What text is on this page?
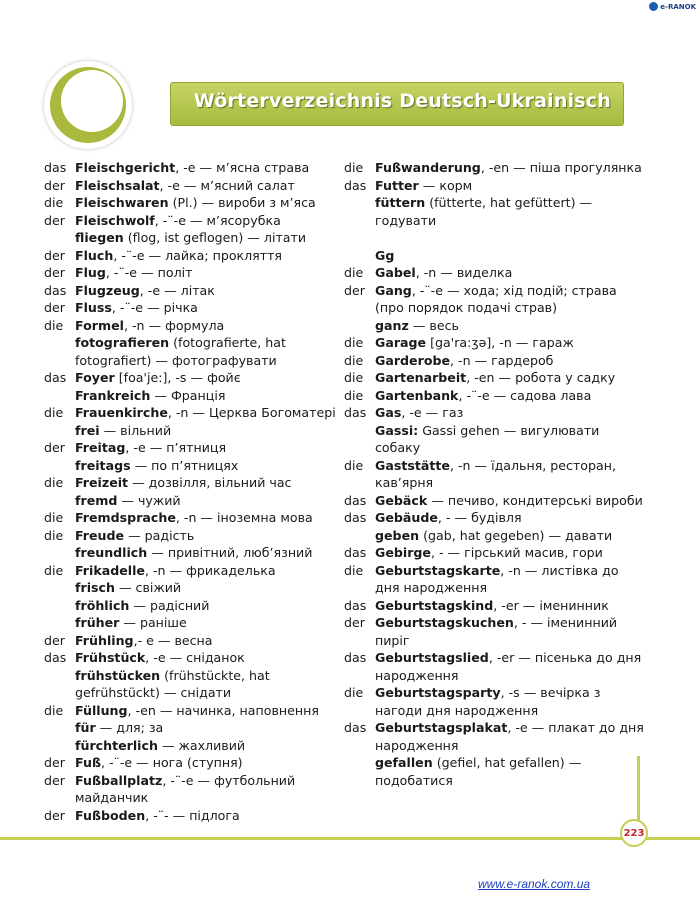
e-RANOK
Wörterverzeichnis Deutsch-Ukrainisch
das Fleischgericht, -e — м’ясна страва
der Fleischsalat, -e — м’ясний салат
die Fleischwaren (Pl.) — вироби з м’яса
der Fleischwolf, -¨-e — м’ясорубка
fliegen (flog, ist geflogen) — літати
der Fluch, -¨-e — лайка; прокляття
der Flug, -¨-e — політ
das Flugzeug, -e — літак
der Fluss, -¨-e — річка
die Formel, -n — формула
fotografieren (fotografierte, hat fotografiert) — фотографувати
das Foyer [foa'je:], -s — фойє
Frankreich — Франція
die Frauenkirche, -n — Церква Богоматері
frei — вільний
der Freitag, -e — п’ятниця
freitags — по п’ятницях
die Freizeit — дозвілля, вільний час
fremd — чужий
die Fremdsprache, -n — іноземна мова
die Freude — радість
freundlich — привітний, люб’язний
die Frikadelle, -n — фрикаделька
frisch — свіжий
fröhlich — радісний
früher — раніше
der Frühling,- e — весна
das Frühstück, -e — сніданок
frühstücken (frühstückte, hat gefrühstückt) — снідати
die Füllung, -en — начинка, наповнення
für — для; за
fürchterlich — жахливий
der Fuß, -¨-e — нога (ступня)
der Fußballplatz, -¨-e — футбольний майданчик
der Fußboden, -¨- — підлога
die Fußwanderung, -en — піша прогулянка
das Futter — корм
füttern (fütterte, hat gefüttert) — годувати
Gg
die Gabel, -n — виделка
der Gang, -¨-e — хода; хід подій; страва (про порядок подачі страв)
ganz — весь
die Garage [ga'ra:ʒə], -n — гараж
die Garderobe, -n — гардероб
die Gartenarbeit, -en — робота у садку
die Gartenbank, -¨-e — садова лава
das Gas, -e — газ
Gassi: Gassi gehen — вигулювати собаку
die Gaststätte, -n — їдальня, ресторан, кав’ярня
das Gebäck — печиво, кондитерські вироби
das Gebäude, - — будівля
geben (gab, hat gegeben) — давати
das Gebirge, - — гірський масив, гори
die Geburtstagskarte, -n — листівка до дня народження
das Geburtstagskind, -er — іменинник
der Geburtstagskuchen, - — іменинний пиріг
das Geburtstagslied, -er — пісенька до дня народження
die Geburtstagsparty, -s — вечірка з нагоди дня народження
das Geburtstagsplakat, -e — плакат до дня народження
gefallen (gefiel, hat gefallen) — подобатися
223
www.e-ranok.com.ua
